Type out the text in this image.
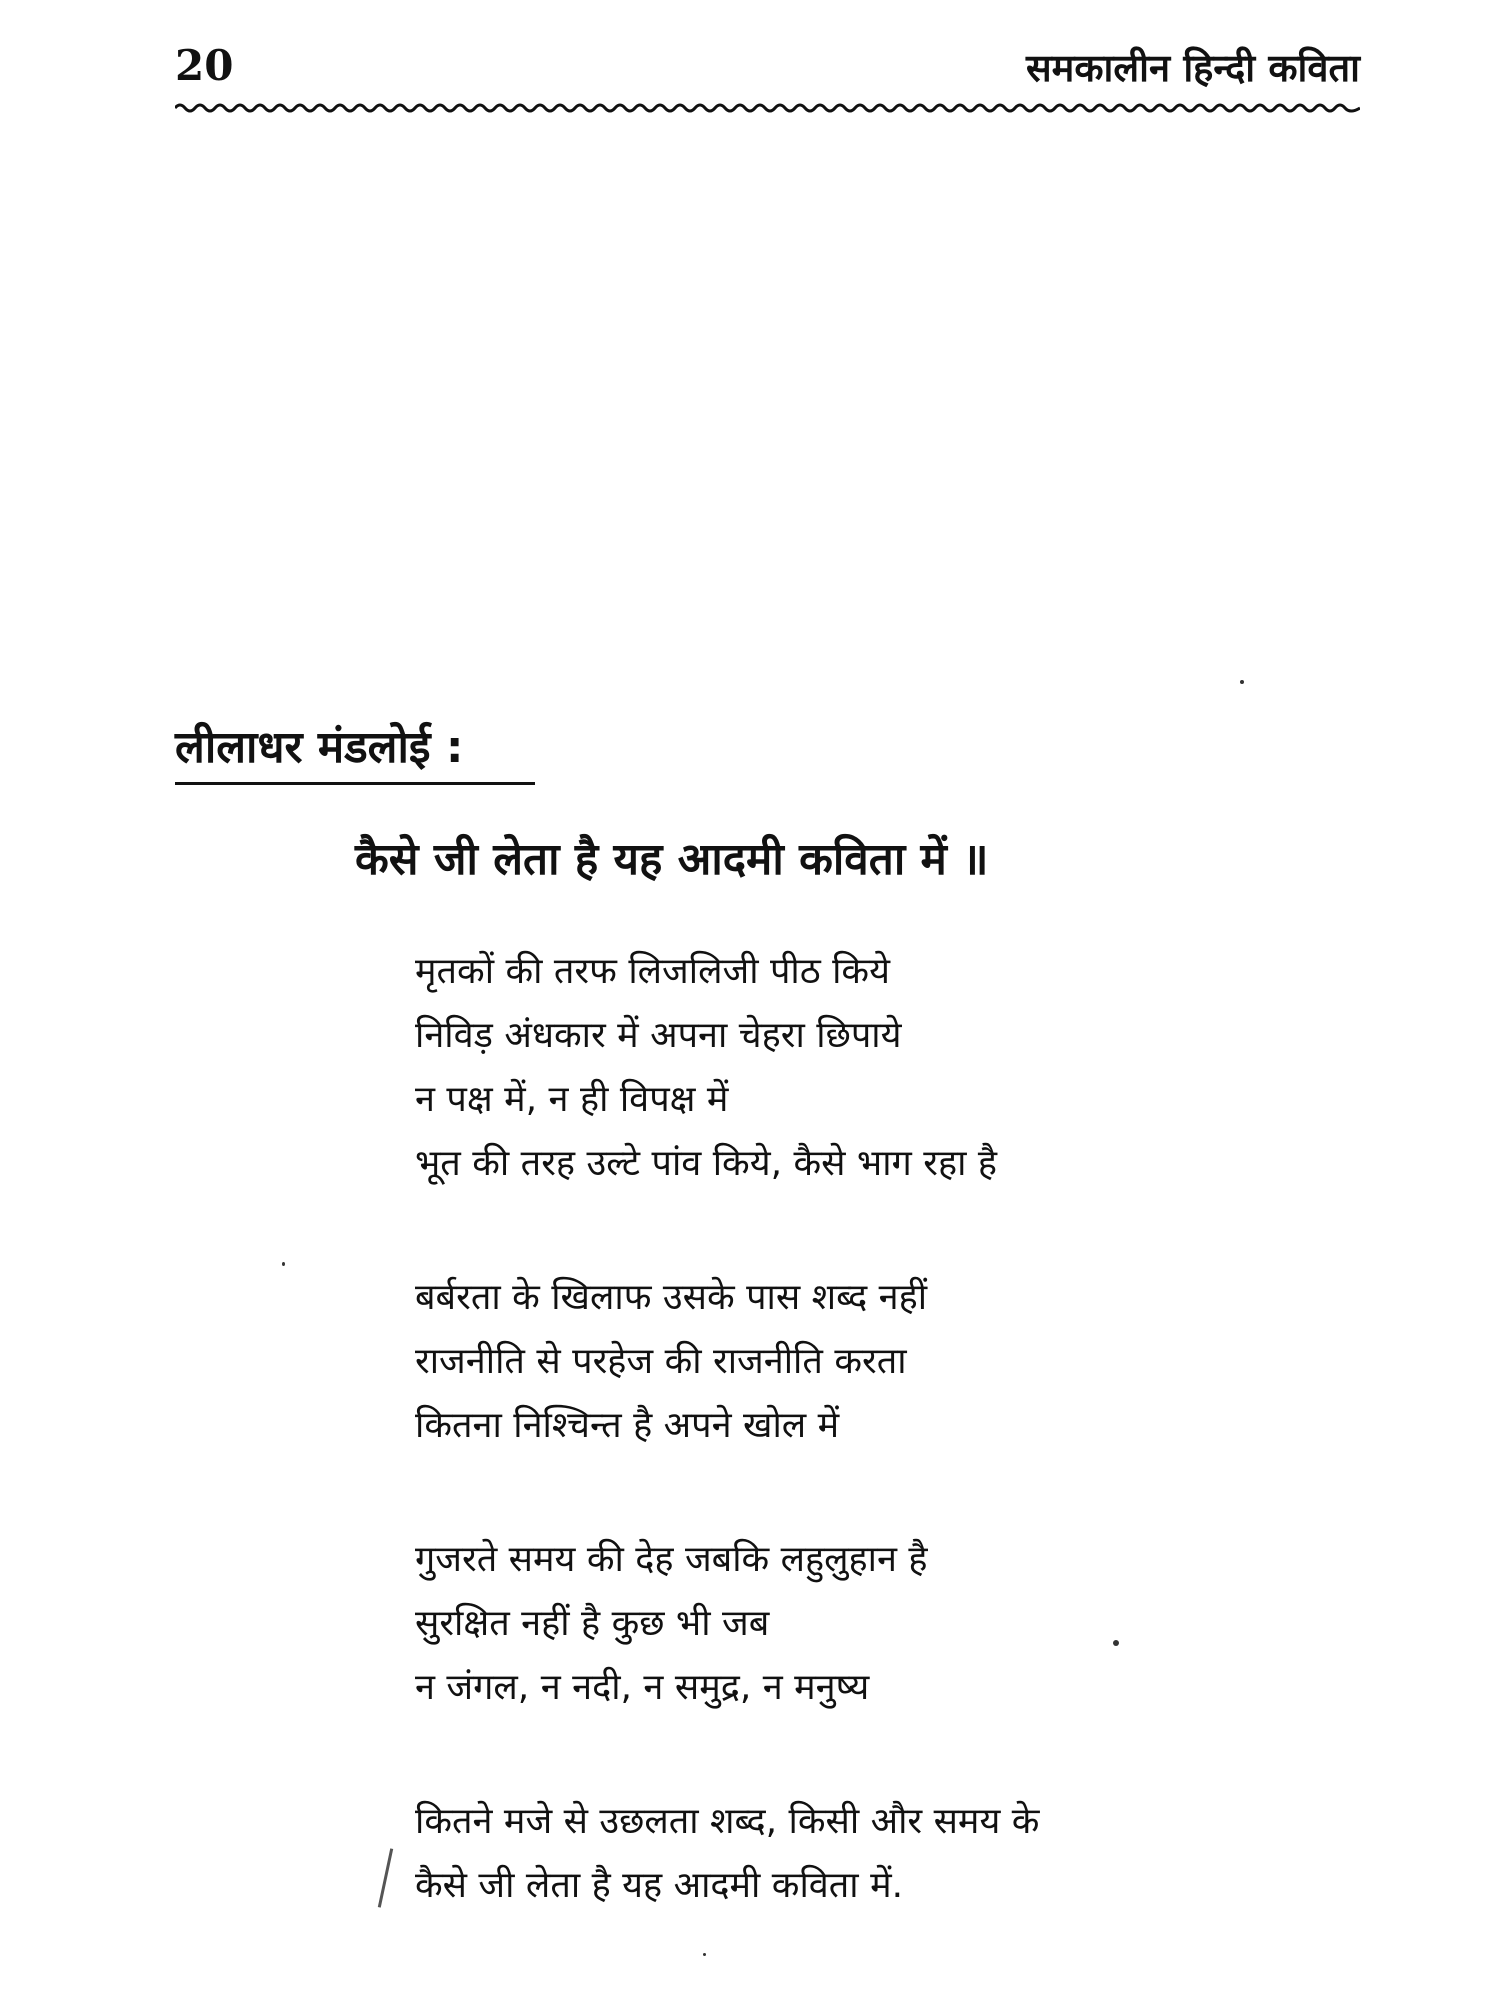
20	समकालीन हिन्दी कविता
लीलाधर मंडलोई :
कैसे जी लेता है यह आदमी कविता में ॥
मृतकों की तरफ लिजलिजी पीठ किये
निविड़ अंधकार में अपना चेहरा छिपाये
न पक्ष में, न ही विपक्ष में
भूत की तरह उल्टे पांव किये, कैसे भाग रहा है
बर्बरता के खिलाफ उसके पास शब्द नहीं
राजनीति से परहेज की राजनीति करता
कितना निश्चिन्त है अपने खोल में
गुजरते समय की देह जबकि लहुलुहान है
सुरक्षित नहीं है कुछ भी जब
न जंगल, न नदी, न समुद्र, न मनुष्य
कितने मजे से उछलता शब्द, किसी और समय के
कैसे जी लेता है यह आदमी कविता में.
